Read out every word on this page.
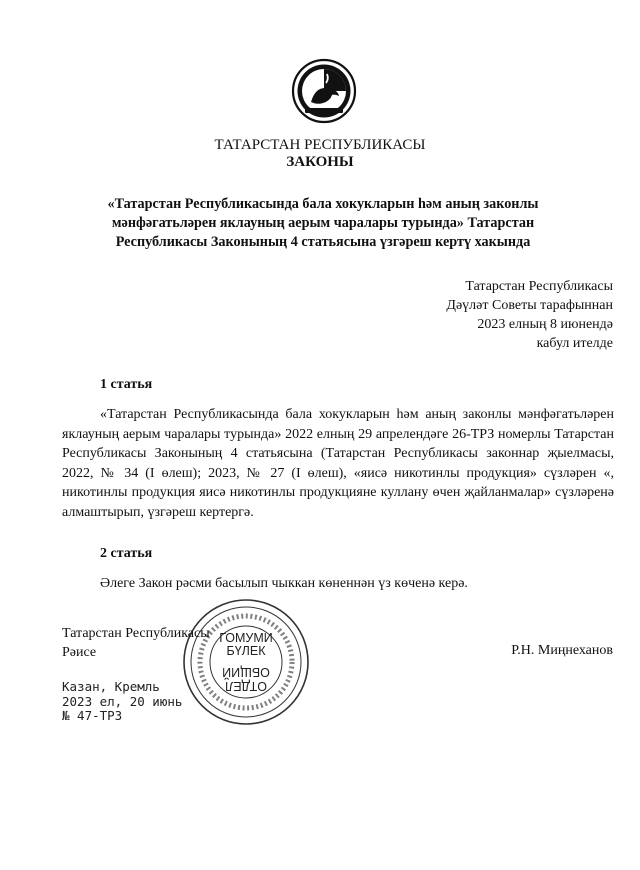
ТАТАРСТАН РЕСПУБЛИКАСЫ
ЗАКОНЫ
«Татарстан Республикасында бала хокукларын һәм аның законлы
мәнфәгатьләрен яклауның аерым чаралары турында» Татарстан
Республикасы Законының 4 статьясына үзгәреш кертү хакында
Татарстан Республикасы
Дәүләт Советы тарафыннан
2023 елның 8 июнендә
кабул ителде
1 статья
«Татарстан Республикасында бала хокукларын һәм аның законлы мәнфәгатьләрен яклауның аерым чаралары турында» 2022 елның 29 апрелендәге 26-ТРЗ номерлы Татарстан Республикасы Законының 4 статьясына (Татарстан Республикасы законнар җыелмасы, 2022, № 34 (I өлеш); 2023, № 27 (I өлеш), «яисә никотинлы продукция» сүзләрен «, никотинлы продукция яисә никотинлы продукцияне куллану өчен җайланмалар» сүзләренә алмаштырып, үзгәреш кертергә.
2 статья
Әлеге Закон рәсми басылып чыккан көненнән үз көченә керә.
ГОМУМИ
БҮЛЕК
ОТДЕЛ
ОБЩИЙ
Татарстан Республикасы
Рәисе	Р.Н. Миңнеханов
Казан, Кремль
2023 ел, 20 июнь
№ 47-ТРЗ
